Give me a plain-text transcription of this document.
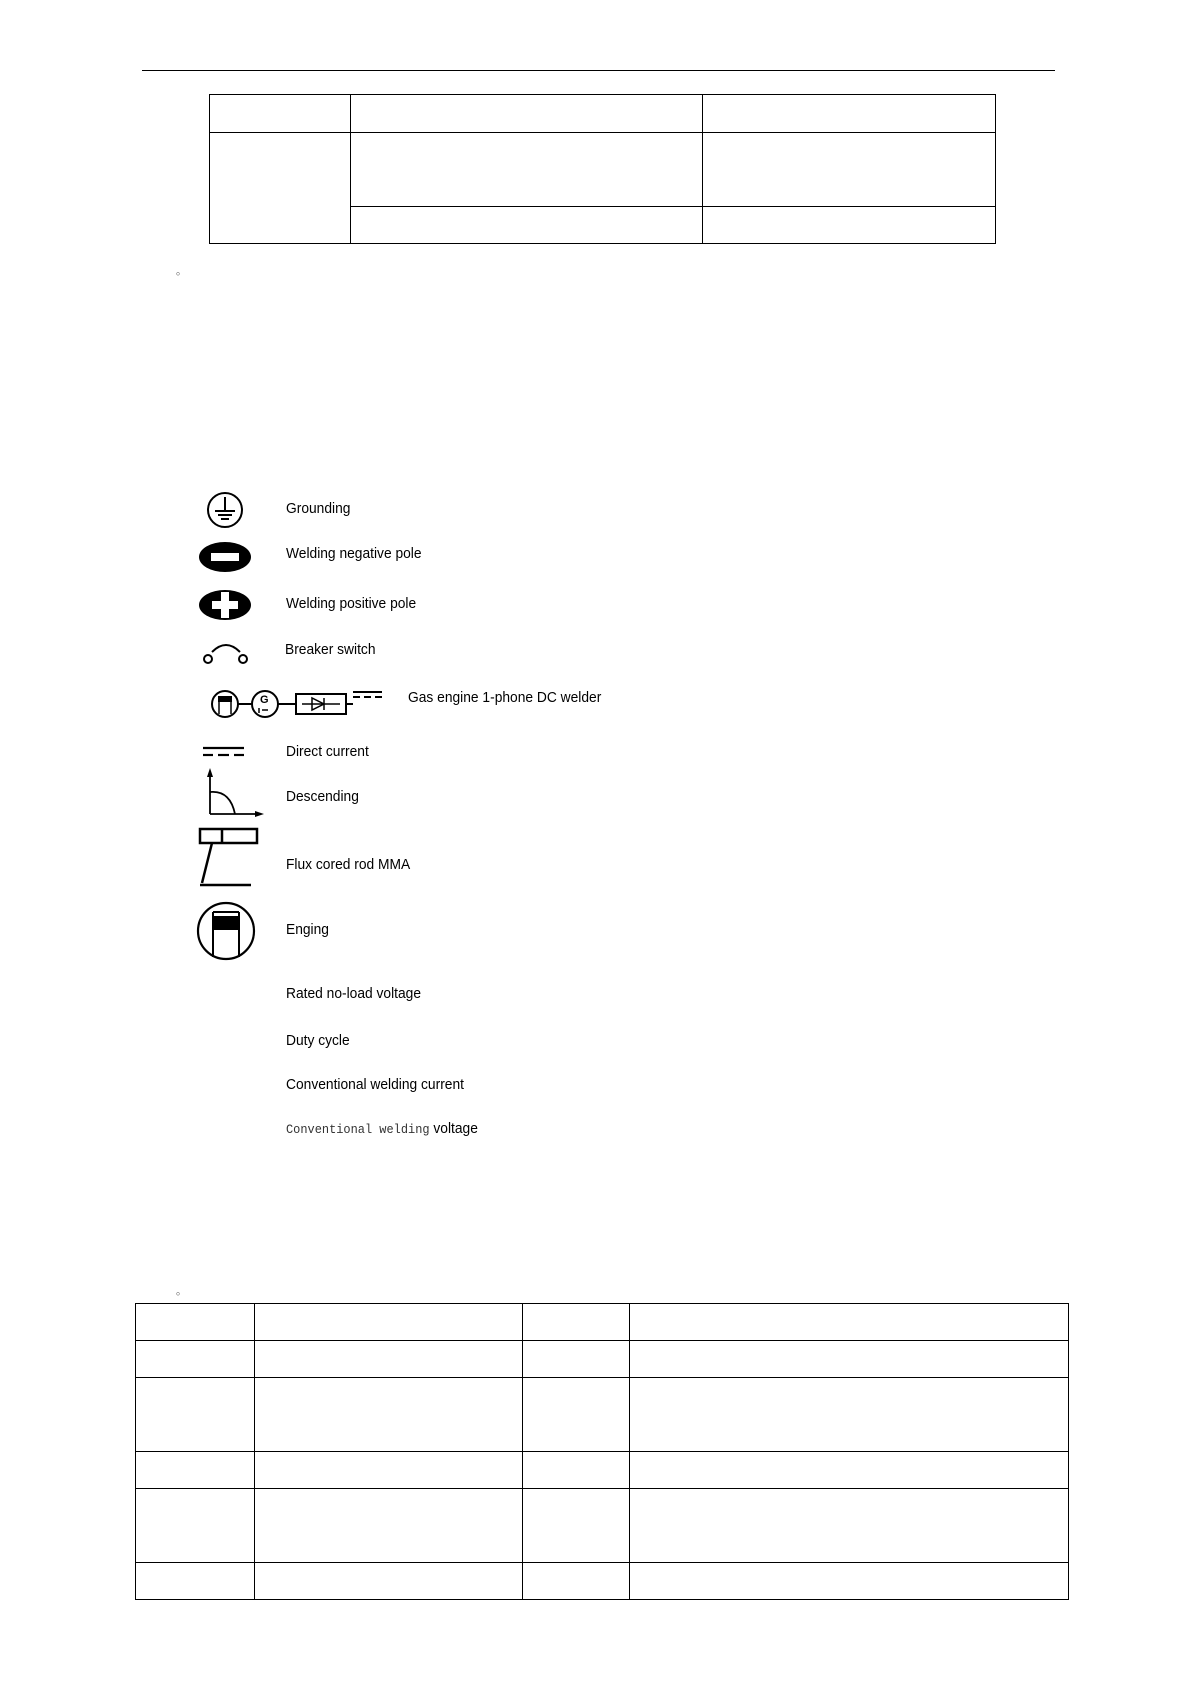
。
Grounding
Welding negative pole
Welding positive pole
Breaker switch
G	Gas engine 1-phone DC welder
Direct current
Descending
Flux cored rod MMA
Enging
Rated no-load voltage
Duty cycle
Conventional welding current
Conventional welding voltage
。
